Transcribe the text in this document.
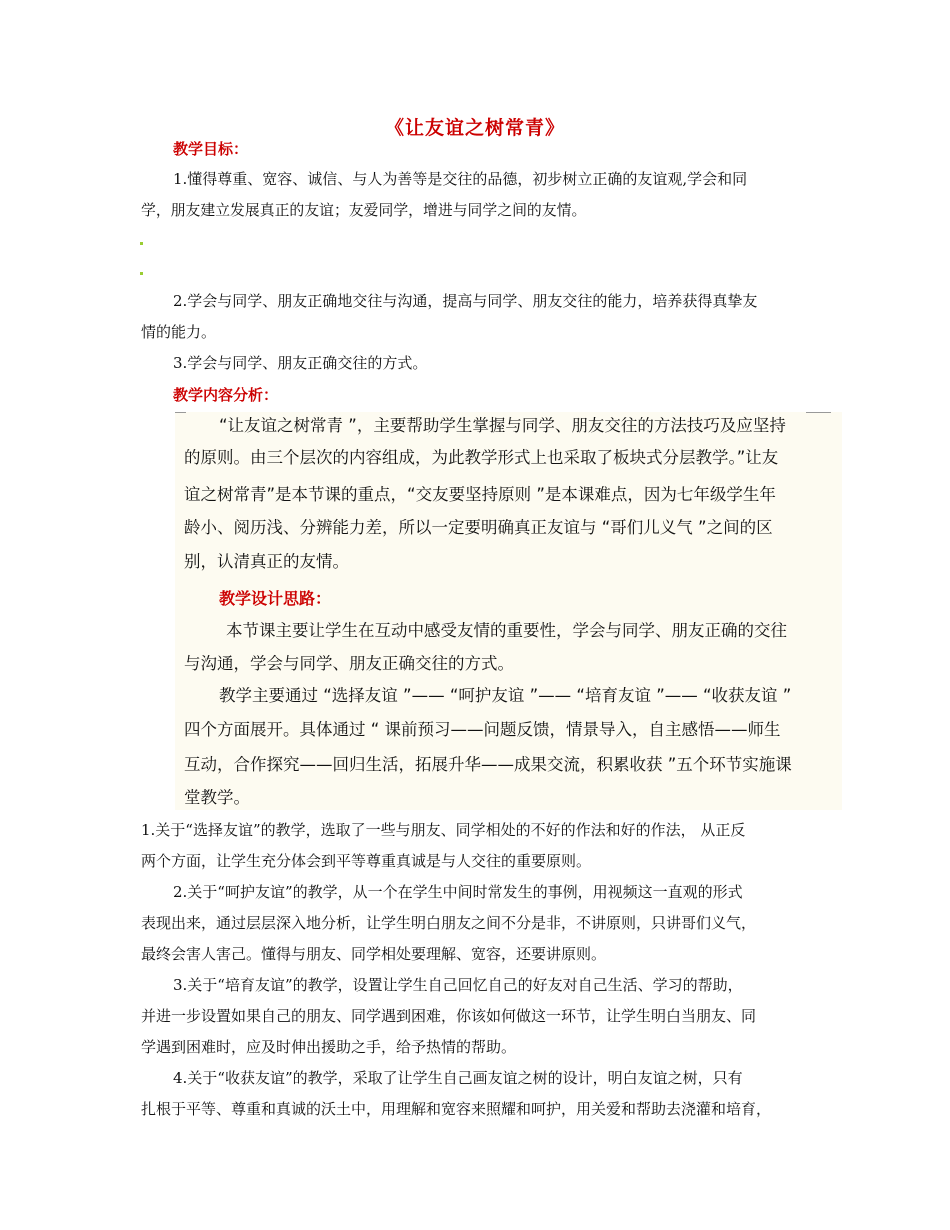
《让友谊之树常青》
教学目标：
1.懂得尊重、宽容、诚信、与人为善等是交往的品德，初步树立正确的友谊观,学会和同
学，朋友建立发展真正的友谊；友爱同学，增进与同学之间的友情。
2.学会与同学、朋友正确地交往与沟通，提高与同学、朋友交往的能力，培养获得真挚友
情的能力。
3.学会与同学、朋友正确交往的方式。
教学内容分析：
“让友谊之树常青 ”，主要帮助学生掌握与同学、朋友交往的方法技巧及应坚持
的原则。由三个层次的内容组成，为此教学形式上也采取了板块式分层教学。”让友
谊之树常青”是本节课的重点，“交友要坚持原则 ”是本课难点，因为七年级学生年
龄小、阅历浅、分辨能力差，所以一定要明确真正友谊与 “哥们儿义气 ”之间的区
别，认清真正的友情。
教学设计思路：
本节课主要让学生在互动中感受友情的重要性，学会与同学、朋友正确的交往
与沟通，学会与同学、朋友正确交往的方式。
教学主要通过 “选择友谊 ”—— “呵护友谊 ”—— “培育友谊 ”—— “收获友谊 ”
四个方面展开。具体通过 “ 课前预习——问题反馈，情景导入，自主感悟——师生
互动，合作探究——回归生活，拓展升华——成果交流，积累收获 ”五个环节实施课
堂教学。
1.关于“选择友谊”的教学，选取了一些与朋友、同学相处的不好的作法和好的作法， 从正反
两个方面，让学生充分体会到平等尊重真诚是与人交往的重要原则。
2.关于“呵护友谊”的教学，从一个在学生中间时常发生的事例，用视频这一直观的形式
表现出来，通过层层深入地分析，让学生明白朋友之间不分是非，不讲原则，只讲哥们义气，
最终会害人害己。懂得与朋友、同学相处要理解、宽容，还要讲原则。
3.关于“培育友谊”的教学，设置让学生自己回忆自己的好友对自己生活、学习的帮助，
并进一步设置如果自己的朋友、同学遇到困难，你该如何做这一环节，让学生明白当朋友、同
学遇到困难时，应及时伸出援助之手，给予热情的帮助。
4.关于“收获友谊”的教学，采取了让学生自己画友谊之树的设计，明白友谊之树，只有
扎根于平等、尊重和真诚的沃土中，用理解和宽容来照耀和呵护，用关爱和帮助去浇灌和培育，
